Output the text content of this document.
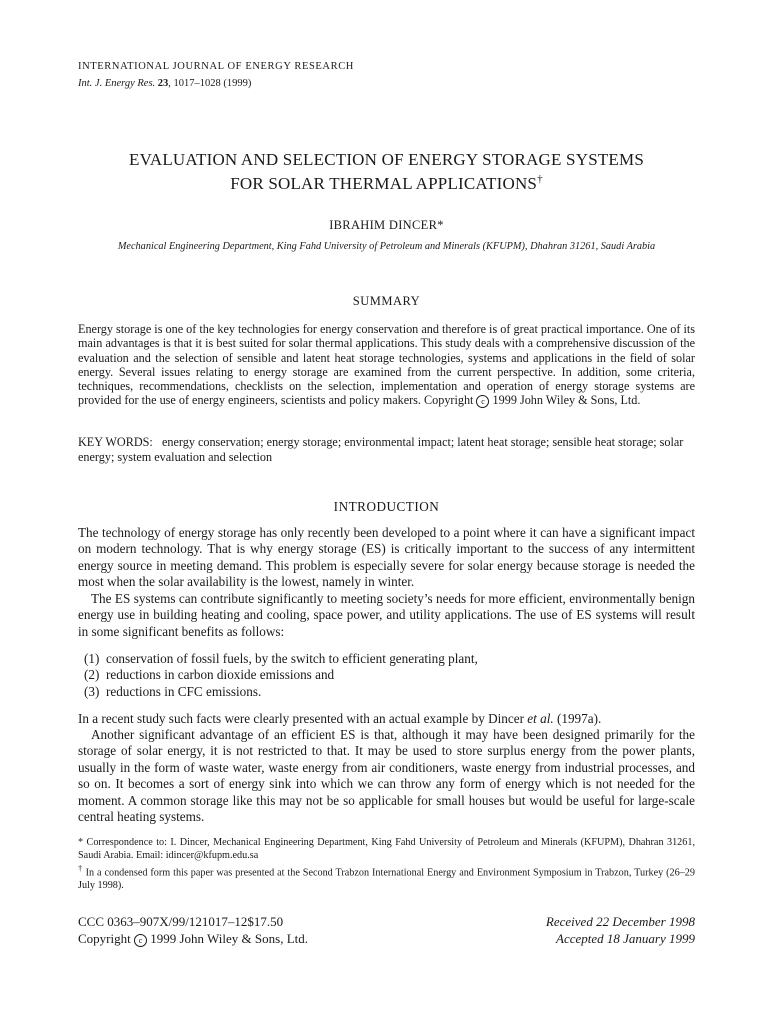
INTERNATIONAL JOURNAL OF ENERGY RESEARCH
Int. J. Energy Res. 23, 1017–1028 (1999)
EVALUATION AND SELECTION OF ENERGY STORAGE SYSTEMS
FOR SOLAR THERMAL APPLICATIONS†
IBRAHIM DINCER*
Mechanical Engineering Department, King Fahd University of Petroleum and Minerals (KFUPM), Dhahran 31261, Saudi Arabia
SUMMARY
Energy storage is one of the key technologies for energy conservation and therefore is of great practical importance. One of its main advantages is that it is best suited for solar thermal applications. This study deals with a comprehensive discussion of the evaluation and the selection of sensible and latent heat storage technologies, systems and applications in the field of solar energy. Several issues relating to energy storage are examined from the current perspective. In addition, some criteria, techniques, recommendations, checklists on the selection, implementation and operation of energy storage systems are provided for the use of energy engineers, scientists and policy makers. Copyright c 1999 John Wiley & Sons, Ltd.
KEY WORDS: energy conservation; energy storage; environmental impact; latent heat storage; sensible heat storage; solar energy; system evaluation and selection
INTRODUCTION

The technology of energy storage has only recently been developed to a point where it can have a significant impact on modern technology. That is why energy storage (ES) is critically important to the success of any intermittent energy source in meeting demand. This problem is especially severe for solar energy because storage is needed the most when the solar availability is the lowest, namely in winter.

The ES systems can contribute significantly to meeting society’s needs for more efficient, environmentally benign energy use in building heating and cooling, space power, and utility applications. The use of ES systems will result in some significant benefits as follows:

(1)  conservation of fossil fuels, by the switch to efficient generating plant,
(2)  reductions in carbon dioxide emissions and
(3)  reductions in CFC emissions.

In a recent study such facts were clearly presented with an actual example by Dincer et al. (1997a).

Another significant advantage of an efficient ES is that, although it may have been designed primarily for the storage of solar energy, it is not restricted to that. It may be used to store surplus energy from the power plants, usually in the form of waste water, waste energy from air conditioners, waste energy from industrial processes, and so on. It becomes a sort of energy sink into which we can throw any form of energy which is not needed for the moment. A common storage like this may not be so applicable for small houses but would be useful for large-scale central heating systems.

* Correspondence to: I. Dincer, Mechanical Engineering Department, King Fahd University of Petroleum and Minerals (KFUPM), Dhahran 31261, Saudi Arabia. Email: idincer@kfupm.edu.sa

† In a condensed form this paper was presented at the Second Trabzon International Energy and Environment Symposium in Trabzon, Turkey (26–29 July 1998).

CCC 0363–907X/99/121017–12$17.50
Copyright c 1999 John Wiley & Sons, Ltd.
Received 22 December 1998
Accepted 18 January 1999
